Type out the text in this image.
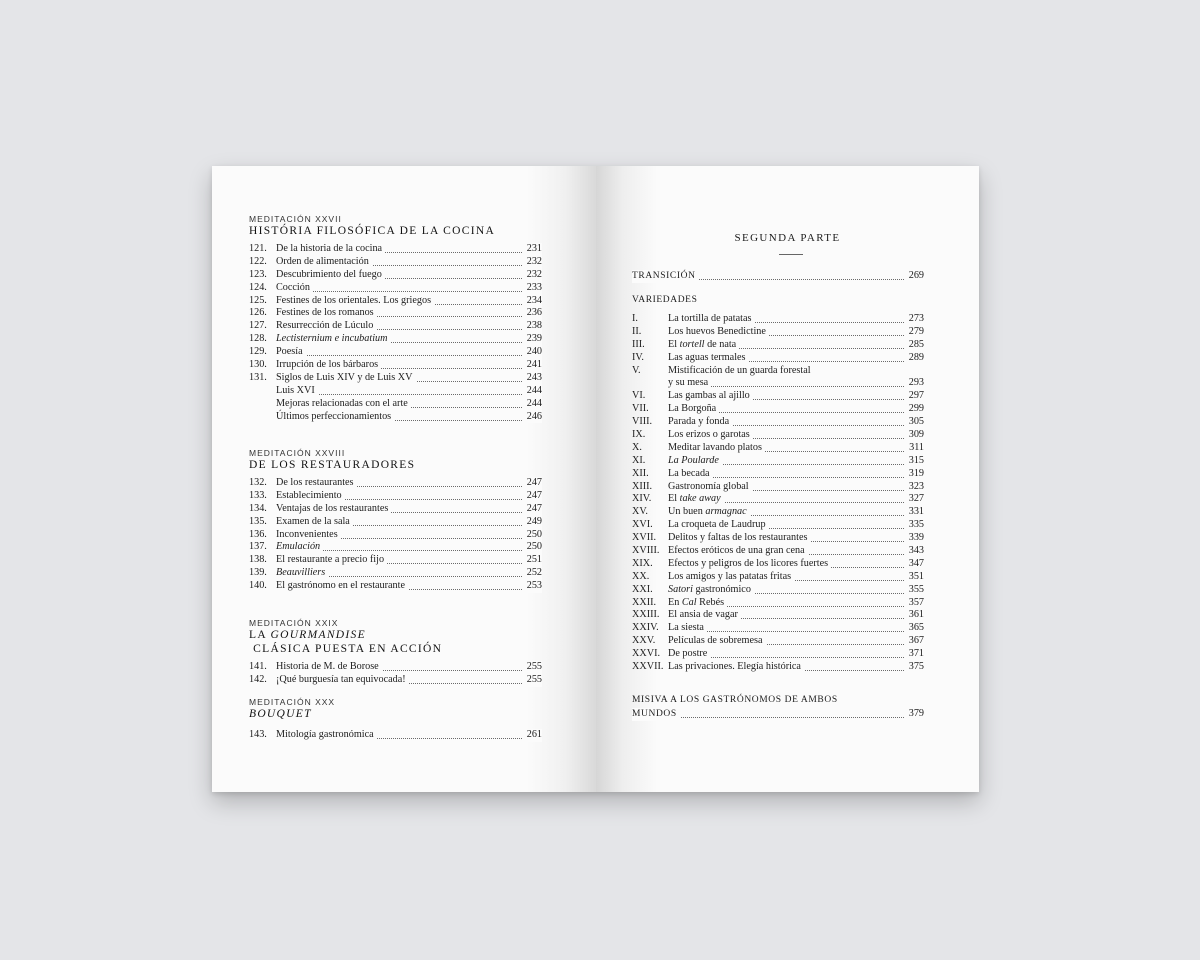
MEDITACIÓN XXVII
HISTÓRIA FILOSÓFICA DE LA COCINA
121. De la historia de la cocina	231
122. Orden de alimentación	232
123. Descubrimiento del fuego	232
124. Cocción	233
125. Festines de los orientales. Los griegos	234
126. Festines de los romanos	236
127. Resurrección de Lúculo	238
128. Lectisternium e incubatium	239
129. Poesía	240
130. Irrupción de los bárbaros	241
131. Siglos de Luis XIV y de Luis XV	243
Luis XVI	244
Mejoras relacionadas con el arte	244
Últimos perfeccionamientos	246
MEDITACIÓN XXVIII
DE LOS RESTAURADORES
132. De los restaurantes	247
133. Establecimiento	247
134. Ventajas de los restaurantes	247
135. Examen de la sala	249
136. Inconvenientes	250
137. Emulación	250
138. El restaurante a precio fijo	251
139. Beauvilliers	252
140. El gastrónomo en el restaurante	253
MEDITACIÓN XXIX
LA GOURMANDISE CLÁSICA PUESTA EN ACCIÓN
141. Historia de M. de Borose	255
142. ¡Qué burguesía tan equivocada!	255
MEDITACIÓN XXX
BOUQUET
143. Mitología gastronómica	261
SEGUNDA PARTE
TRANSICIÓN	269
VARIEDADES
I.	La tortilla de patatas	273
II.	Los huevos Benedictine	279
III. El tortell de nata	285
IV. Las aguas termales	289
V.	Mistificación de un guarda forestal
y su mesa	293
VI. Las gambas al ajillo	297
VII. La Borgoña	299
VIII. Parada y fonda	305
IX. Los erizos o garotas	309
X.	Meditar lavando platos	311
XI. La Poularde	315
XII. La becada	319
XIII. Gastronomía global	323
XIV. El take away	327
XV. Un buen armagnac	331
XVI. La croqueta de Laudrup	335
XVII. Delitos y faltas de los restaurantes	339
XVIII. Efectos eróticos de una gran cena	343
XIX. Efectos y peligros de los licores fuertes	347
XX. Los amigos y las patatas fritas	351
XXI. Satori gastronómico	355
XXII. En Cal Rebés	357
XXIII. El ansia de vagar	361
XXIV. La siesta	365
XXV. Películas de sobremesa	367
XXVI. De postre	371
XXVII. Las privaciones. Elegía histórica	375
MISIVA A LOS GASTRÓNOMOS DE AMBOS
MUNDOS	379
